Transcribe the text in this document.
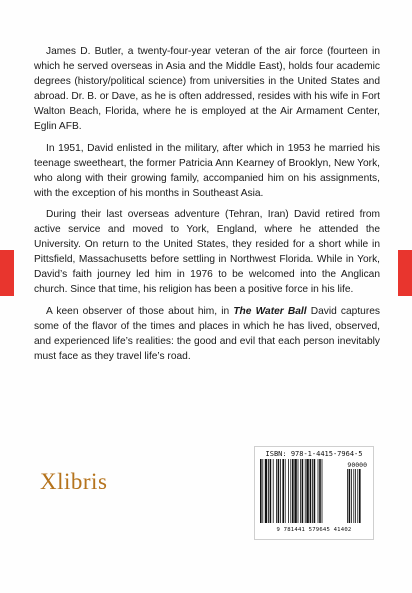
James D. Butler, a twenty-four-year veteran of the air force (fourteen in which he served overseas in Asia and the Middle East), holds four academic degrees (history/political science) from universities in the United States and abroad. Dr. B. or Dave, as he is often addressed, resides with his wife in Fort Walton Beach, Florida, where he is employed at the Air Armament Center, Eglin AFB.

In 1951, David enlisted in the military, after which in 1953 he married his teenage sweetheart, the former Patricia Ann Kearney of Brooklyn, New York, who along with their growing family, accompanied him on his assignments, with the exception of his months in Southeast Asia.

During their last overseas adventure (Tehran, Iran) David retired from active service and moved to York, England, where he attended the University. On return to the United States, they resided for a short while in Pittsfield, Massachusetts before settling in Northwest Florida. While in York, David’s faith journey led him in 1976 to be welcomed into the Anglican church. Since that time, his religion has been a positive force in his life.

A keen observer of those about him, in The Water Ball David captures some of the flavor of the times and places in which he has lived, observed, and experienced life’s realities: the good and evil that each person inevitably must face as they travel life’s road.

Xlibris
ISBN: 978-1-4415-7964-5
90000
9 781441 579645 41402
